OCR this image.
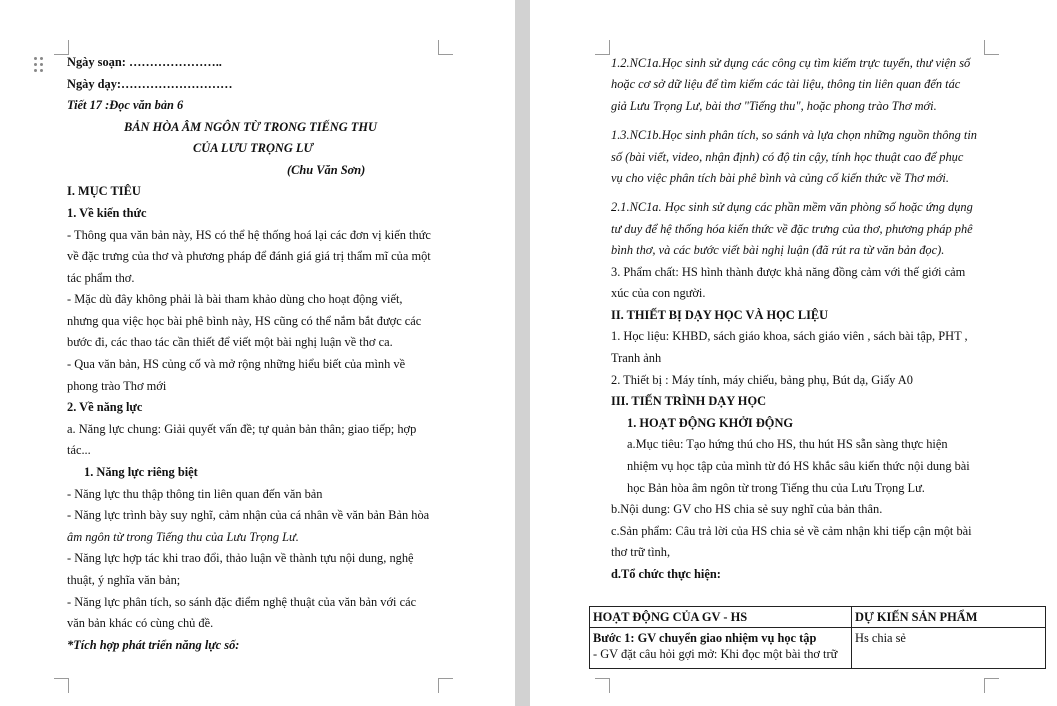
Ngày soạn: …………………..
Ngày dạy:………………………
Tiết 17 :Đọc văn bản 6
BẢN HÒA ÂM NGÔN TỪ TRONG TIẾNG THU
CỦA LƯU TRỌNG LƯ
(Chu Văn Sơn)
I. MỤC TIÊU
1. Về kiến thức
- Thông qua văn bản này, HS có thể hệ thống hoá lại các đơn vị kiến thức
về đặc trưng của thơ và phương pháp để đánh giá giá trị thẩm mĩ của một
tác phẩm thơ.
- Mặc dù đây không phải là bài tham khảo dùng cho hoạt động viết,
nhưng qua việc học bài phê bình này, HS cũng có thể nắm bắt được các
bước đi, các thao tác cần thiết để viết một bài nghị luận về thơ ca.
- Qua văn bản, HS củng cố và mở rộng những hiểu biết của mình về
phong trào Thơ mới
2. Về năng lực
a. Năng lực chung: Giải quyết vấn đề; tự quản bản thân; giao tiếp; hợp
tác...
1. Năng lực riêng biệt
- Năng lực thu thập thông tin liên quan đến văn bản
- Năng lực trình bày suy nghĩ, cảm nhận của cá nhân về văn bản Bản hòa
âm ngôn từ trong Tiếng thu của Lưu Trọng Lư.
- Năng lực hợp tác khi trao đổi, thảo luận về thành tựu nội dung, nghệ
thuật, ý nghĩa văn bản;
- Năng lực phân tích, so sánh đặc điểm nghệ thuật của văn bản với các
văn bản khác có cùng chủ đề.
*Tích hợp phát triển năng lực số:
1.2.NC1a.Học sinh sử dụng các công cụ tìm kiếm trực tuyến, thư viện số
hoặc cơ sở dữ liệu để tìm kiếm các tài liệu, thông tin liên quan đến tác
giả Lưu Trọng Lư, bài thơ "Tiếng thu", hoặc phong trào Thơ mới.
1.3.NC1b.Học sinh phân tích, so sánh và lựa chọn những nguồn thông tin
số (bài viết, video, nhận định) có độ tin cậy, tính học thuật cao để phục
vụ cho việc phân tích bài phê bình và củng cố kiến thức về Thơ mới.
2.1.NC1a. Học sinh sử dụng các phần mềm văn phòng số hoặc ứng dụng
tư duy để hệ thống hóa kiến thức về đặc trưng của thơ, phương pháp phê
bình thơ, và các bước viết bài nghị luận (đã rút ra từ văn bản đọc).
3. Phẩm chất: HS hình thành được khả năng đồng cảm với thế giới cảm
xúc của con người.
II. THIẾT BỊ DẠY HỌC VÀ HỌC LIỆU
1. Học liệu: KHBD, sách giáo khoa, sách giáo viên , sách bài tập, PHT ,
Tranh ảnh
2. Thiết bị : Máy tính, máy chiếu, bảng phụ, Bút dạ, Giấy A0
III. TIẾN TRÌNH DẠY HỌC
1. HOẠT ĐỘNG KHỞI ĐỘNG
a.Mục tiêu: Tạo hứng thú cho HS, thu hút HS sẵn sàng thực hiện
nhiệm vụ học tập của mình từ đó HS khắc sâu kiến thức nội dung bài
học Bản hòa âm ngôn từ trong Tiếng thu của Lưu Trọng Lư.
b.Nội dung: GV cho HS chia sẻ suy nghĩ của bản thân.
c.Sản phẩm: Câu trả lời của HS chia sẻ về cảm nhận khi tiếp cận một bài
thơ trữ tình,
d.Tổ chức thực hiện:
HOẠT ĐỘNG CỦA GV - HS	DỰ KIẾN SẢN PHẨM

Bước 1: GV chuyển giao nhiệm vụ học tập
- GV đặt câu hỏi gợi mở: Khi đọc một bài thơ trữ	Hs chia sẻ
